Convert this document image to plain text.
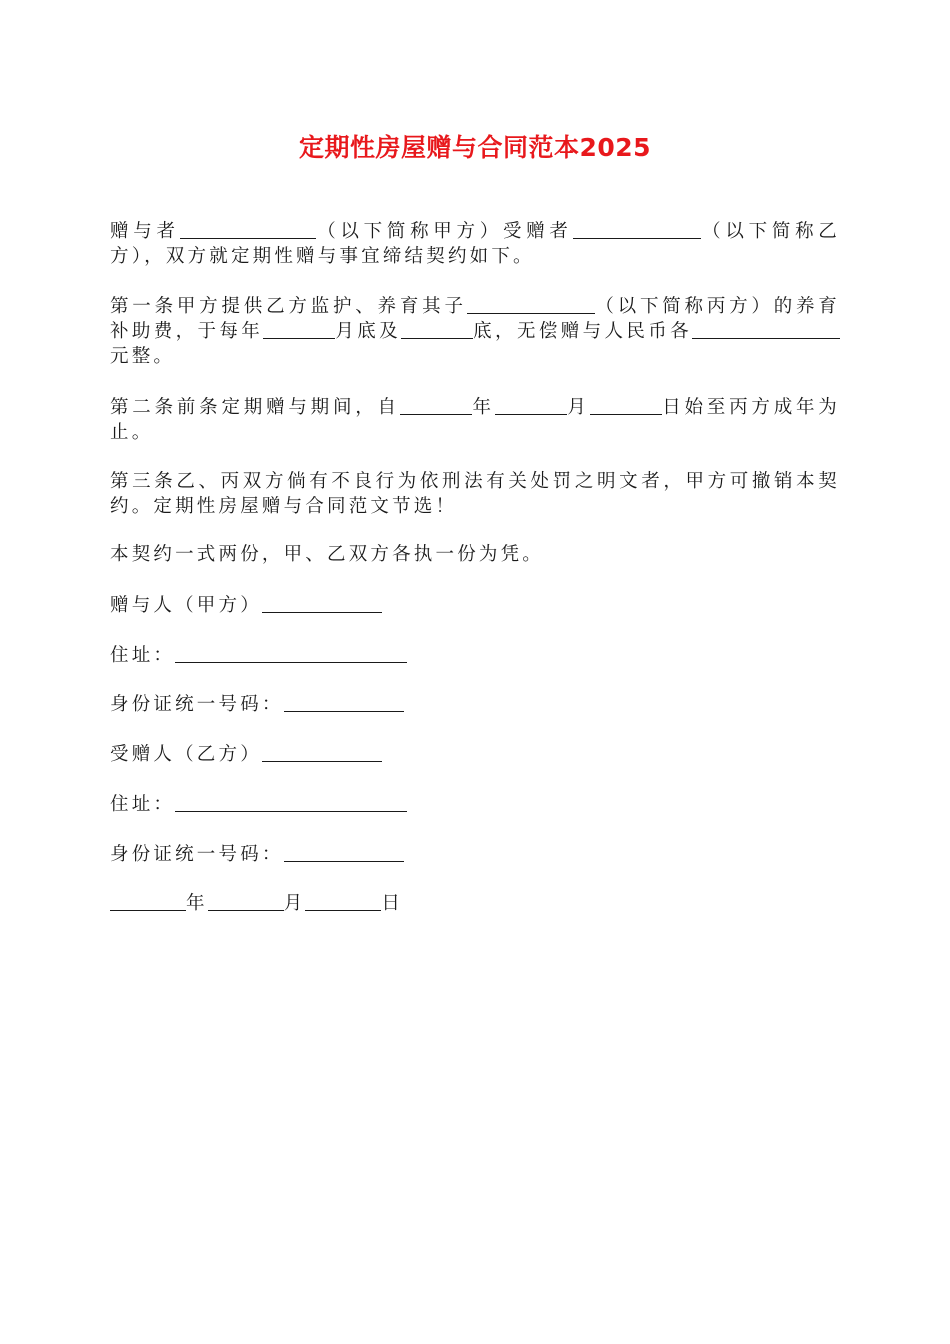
定期性房屋赠与合同范本2025
赠与者	（以下简称甲方）受赠者	（以下简称乙方），双方就定期性赠与事宜缔结契约如下。
第一条甲方提供乙方监护、养育其子	（以下简称丙方）的养育补助费，于每年	月底及	底，无偿赠与人民币各元整。
第二条前条定期赠与期间，自	年	月	日始至丙方成年为止。
第三条乙、丙双方倘有不良行为依刑法有关处罚之明文者，甲方可撤销本契约。定期性房屋赠与合同范文节选！
本契约一式两份，甲、乙双方各执一份为凭。
赠与人（甲方）
住址：
身份证统一号码：
受赠人（乙方）
住址：
身份证统一号码：
年	月	日
